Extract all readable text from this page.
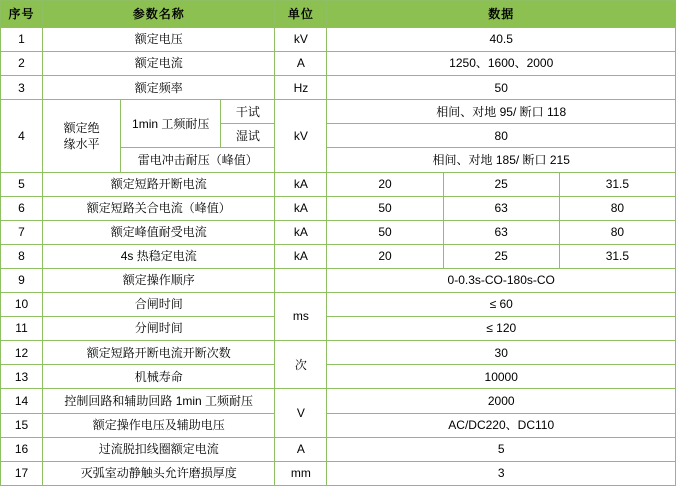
序号	参数名称			单位	数据		
1	额定电压			kV	40.5		
2	额定电流			A	1250、1600、2000		
3	额定频率			Hz	50		
4	额定绝缘水平	1min 工频耐压	干试	kV	相间、对地 95/ 断口 118		
			湿试		80		
		雷电冲击耐压（峰值）			相间、对地 185/ 断口 215		
5	额定短路开断电流			kA	20	25	31.5
6	额定短路关合电流（峰值）			kA	50	63	80
7	额定峰值耐受电流			kA	50	63	80
8	4s 热稳定电流			kA	20	25	31.5
9	额定操作顺序				0-0.3s-CO-180s-CO		
10	合闸时间			ms	≤ 60		
11	分闸时间				≤ 120		
12	额定短路开断电流开断次数			次	30		
13	机械寿命				10000		
14	控制回路和辅助回路 1min 工频耐压			V	2000		
15	额定操作电压及辅助电压				AC/DC220、DC110		
16	过流脱扣线圈额定电流			A	5		
17	灭弧室动静触头允许磨损厚度			mm	3		
